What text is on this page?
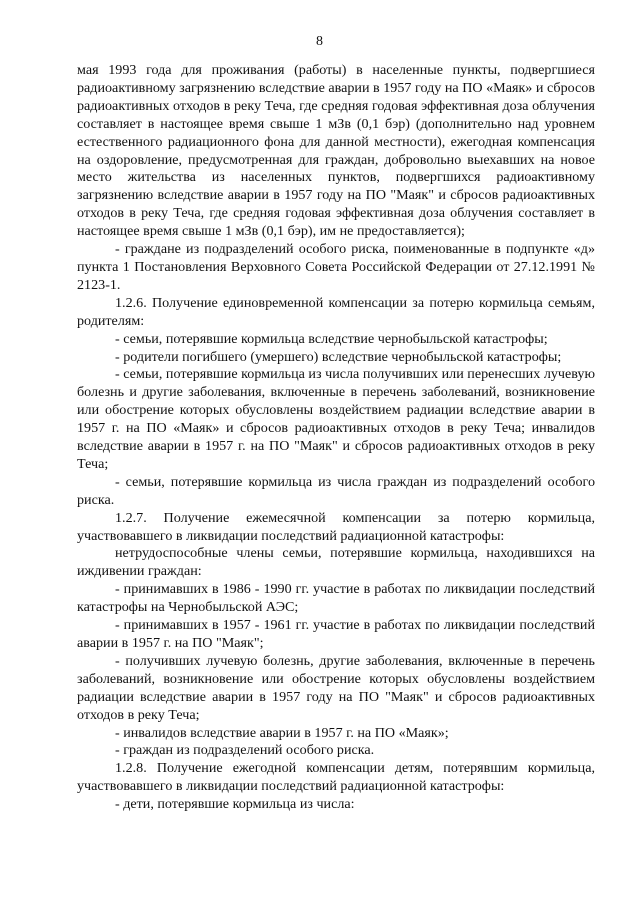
8

мая 1993 года для проживания (работы) в населенные пункты, подвергшиеся радиоактивному загрязнению вследствие аварии в 1957 году на ПО «Маяк» и сбросов радиоактивных отходов в реку Теча, где средняя годовая эффективная доза облучения составляет в настоящее время свыше 1 мЗв (0,1 бэр) (дополнительно над уровнем естественного радиационного фона для данной местности), ежегодная компенсация на оздоровление, предусмотренная для граждан, добровольно выехавших на новое место жительства из населенных пунктов, подвергшихся радиоактивному загрязнению вследствие аварии в 1957 году на ПО "Маяк" и сбросов радиоактивных отходов в реку Теча, где средняя годовая эффективная доза облучения составляет в настоящее время свыше 1 мЗв (0,1 бэр), им не предоставляется);

- граждане из подразделений особого риска, поименованные в подпункте «д» пункта 1 Постановления Верховного Совета Российской Федерации от 27.12.1991 № 2123-1.

1.2.6. Получение единовременной компенсации за потерю кормильца семьям, родителям:

- семьи, потерявшие кормильца вследствие чернобыльской катастрофы;

- родители погибшего (умершего) вследствие чернобыльской катастрофы;

- семьи, потерявшие кормильца из числа получивших или перенесших лучевую болезнь и другие заболевания, включенные в перечень заболеваний, возникновение или обострение которых обусловлены воздействием радиации вследствие аварии в 1957 г. на ПО «Маяк» и сбросов радиоактивных отходов в реку Теча; инвалидов вследствие аварии в 1957 г. на ПО "Маяк" и сбросов радиоактивных отходов в реку Теча;

- семьи, потерявшие кормильца из числа граждан из подразделений особого риска.

1.2.7. Получение ежемесячной компенсации за потерю кормильца, участвовавшего в ликвидации последствий радиационной катастрофы:

нетрудоспособные члены семьи, потерявшие кормильца, находившихся на иждивении граждан:

- принимавших в 1986 - 1990 гг. участие в работах по ликвидации последствий катастрофы на Чернобыльской АЭС;

- принимавших в 1957 - 1961 гг. участие в работах по ликвидации последствий аварии в 1957 г. на ПО "Маяк";

- получивших лучевую болезнь, другие заболевания, включенные в перечень заболеваний, возникновение или обострение которых обусловлены воздействием радиации вследствие аварии в 1957 году на ПО "Маяк" и сбросов радиоактивных отходов в реку Теча;

- инвалидов вследствие аварии в 1957 г. на ПО «Маяк»;

- граждан из подразделений особого риска.

1.2.8. Получение ежегодной компенсации детям, потерявшим кормильца, участвовавшего в ликвидации последствий радиационной катастрофы:

- дети, потерявшие кормильца из числа:
